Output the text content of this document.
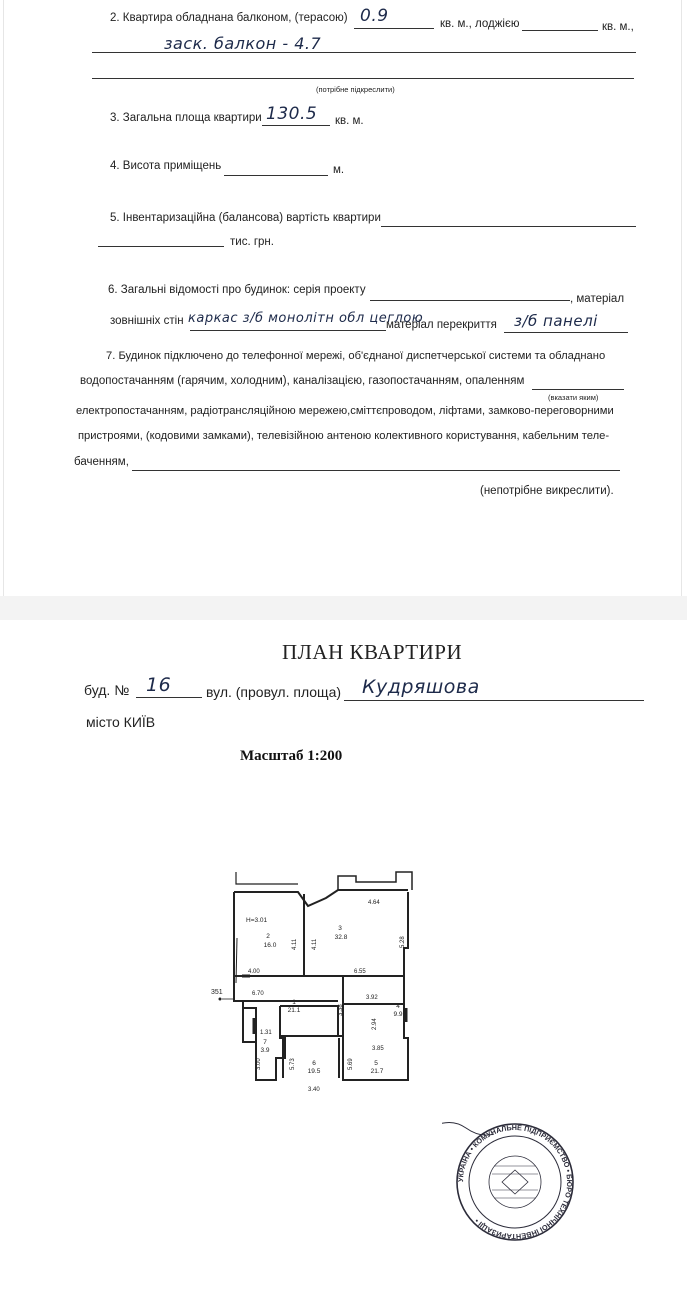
2. Квартира обладнана балконом, (терасою) 0.9	кв. м., лоджією	кв. м.,
заск. балкон - 4.7
(потрібне підкреслити)
3. Загальна площа квартири 130.5 кв. м.
4. Висота приміщень	м.
5. Інвентаризаційна (балансова) вартість квартири
тис. грн.
6. Загальні відомості про будинок: серія проекту
, матеріал
зовнішніх стін каркас з/б монолітн обл цеглою
матеріал перекриття з/б панелі
7. Будинок підключено до телефонної мережі, об'єднаної диспетчерської системи та обладнано
водопостачанням (гарячим, холодним), каналізацією, газопостачанням, опаленням
(вказати яким)
електропостачанням, радіотрансляційною мережею,сміттєпроводом, ліфтами, замково-переговорними
пристроями, (кодовими замками), телевізійною антеною колективного користування, кабельним теле-
баченням,
(непотрібне викреслити).
ПЛАН КВАРТИРИ
буд. № 16 вул. (провул. площа) Кудряшова
місто КИЇВ
Масштаб 1:200
351
H=3.01
2
16.0
3
32.8
1
21.1
4
9.9
7
3.9
6
19.5
5
21.7
4.64
4.11 4.11	5.28
4.00	6.55
6.70
3.92
3.38
2.94
1.31
3.00
3.85
5.73	5.69
3.40
УКРАЇНА • КОМУНАЛЬНЕ ПІДПРИЄМСТВО • БЮРО ТЕХНІЧНОЇ ІНВЕНТАРИЗАЦІЇ •
